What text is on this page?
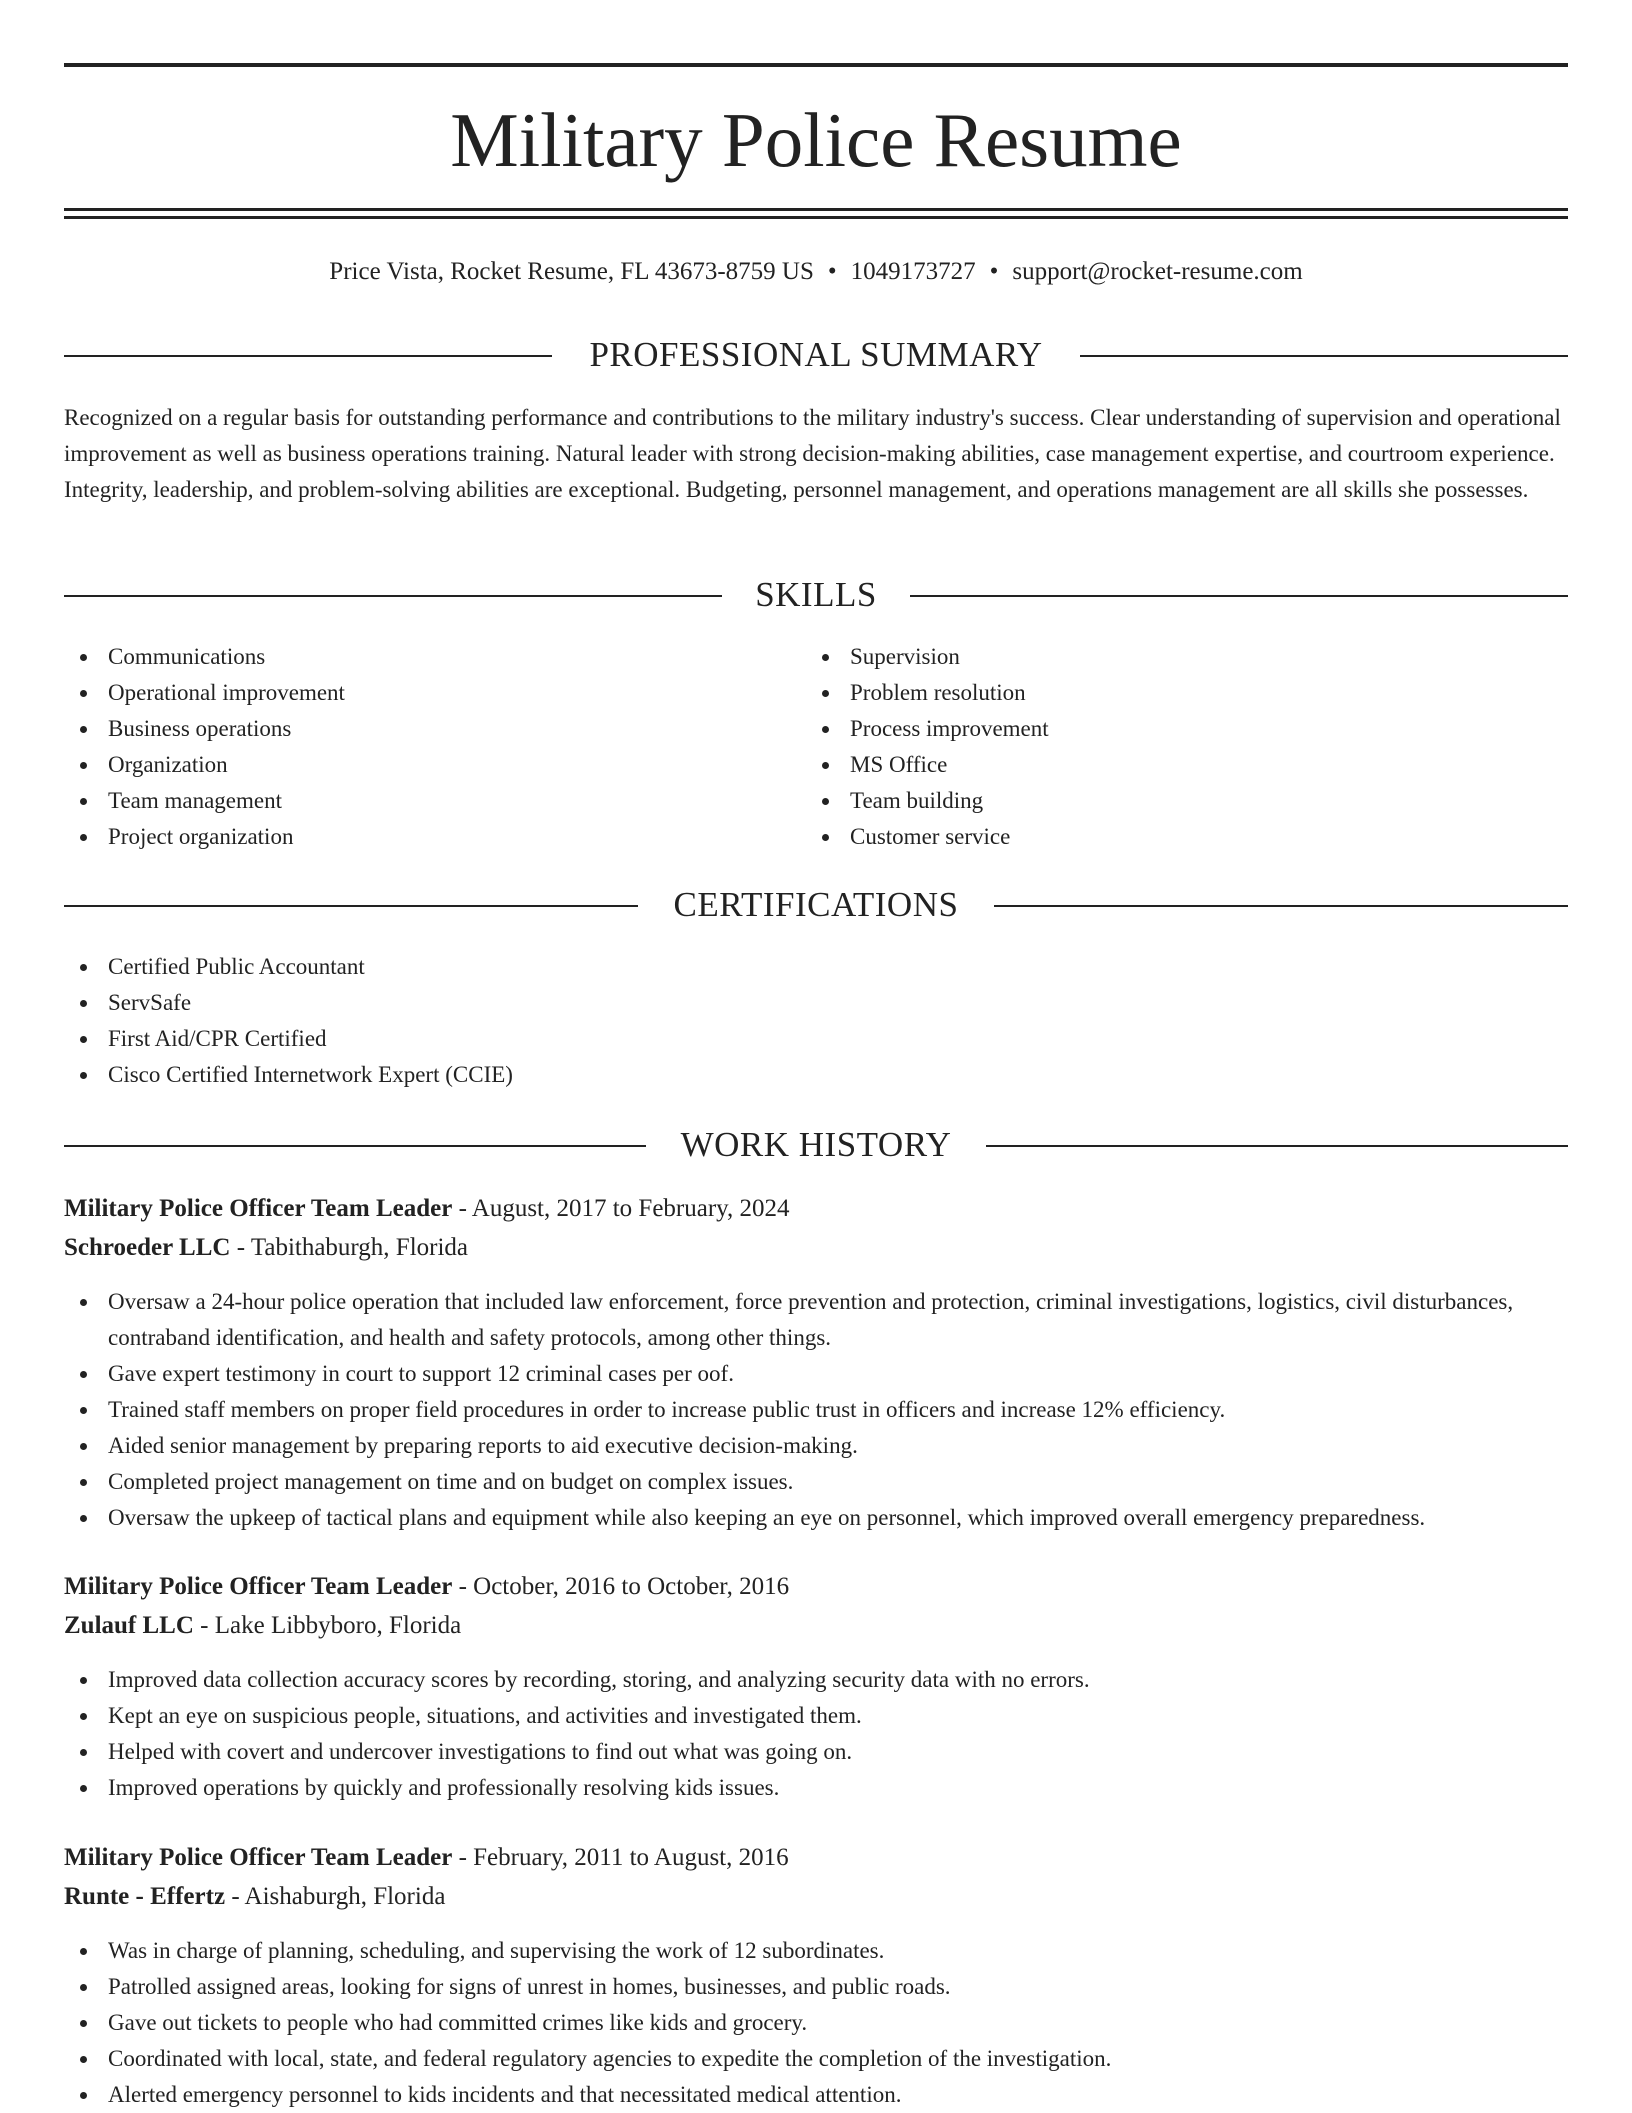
Military Police Resume
Price Vista, Rocket Resume, FL 43673-8759 US • 1049173727 • support@rocket-resume.com
PROFESSIONAL SUMMARY

Recognized on a regular basis for outstanding performance and contributions to the military industry's success. Clear understanding of supervision and operational improvement as well as business operations training. Natural leader with strong decision-making abilities, case management expertise, and courtroom experience. Integrity, leadership, and problem-solving abilities are exceptional. Budgeting, personnel management, and operations management are all skills she possesses.

SKILLS
Communications
Operational improvement
Business operations
Organization
Team management
Project organization
Supervision
Problem resolution
Process improvement
MS Office
Team building
Customer service
CERTIFICATIONS
Certified Public Accountant
ServSafe
First Aid/CPR Certified
Cisco Certified Internetwork Expert (CCIE)
WORK HISTORY
Military Police Officer Team Leader - August, 2017 to February, 2024
Schroeder LLC - Tabithaburgh, Florida
Oversaw a 24-hour police operation that included law enforcement, force prevention and protection, criminal investigations, logistics, civil disturbances, contraband identification, and health and safety protocols, among other things.
Gave expert testimony in court to support 12 criminal cases per oof.
Trained staff members on proper field procedures in order to increase public trust in officers and increase 12% efficiency.
Aided senior management by preparing reports to aid executive decision-making.
Completed project management on time and on budget on complex issues.
Oversaw the upkeep of tactical plans and equipment while also keeping an eye on personnel, which improved overall emergency preparedness.
Military Police Officer Team Leader - October, 2016 to October, 2016
Zulauf LLC - Lake Libbyboro, Florida
Improved data collection accuracy scores by recording, storing, and analyzing security data with no errors.
Kept an eye on suspicious people, situations, and activities and investigated them.
Helped with covert and undercover investigations to find out what was going on.
Improved operations by quickly and professionally resolving kids issues.
Military Police Officer Team Leader - February, 2011 to August, 2016
Runte - Effertz - Aishaburgh, Florida
Was in charge of planning, scheduling, and supervising the work of 12 subordinates.
Patrolled assigned areas, looking for signs of unrest in homes, businesses, and public roads.
Gave out tickets to people who had committed crimes like kids and grocery.
Coordinated with local, state, and federal regulatory agencies to expedite the completion of the investigation.
Alerted emergency personnel to kids incidents and that necessitated medical attention.
